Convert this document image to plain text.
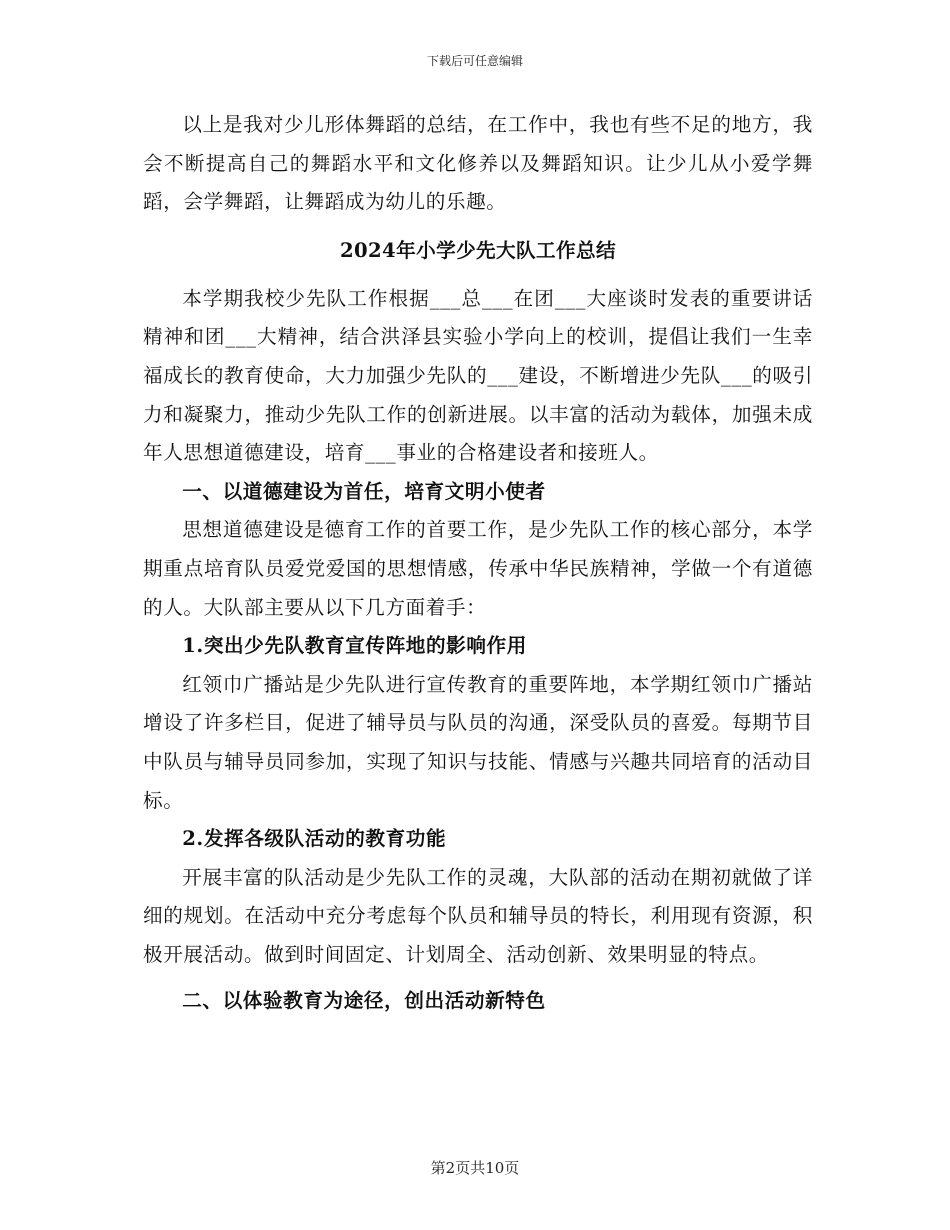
下载后可任意编辑

以上是我对少儿形体舞蹈的总结，在工作中，我也有些不足的地方，我会不断提高自己的舞蹈水平和文化修养以及舞蹈知识。让少儿从小爱学舞蹈，会学舞蹈，让舞蹈成为幼儿的乐趣。

2024年小学少先大队工作总结

本学期我校少先队工作根据___总___在团___大座谈时发表的重要讲话精神和团___大精神，结合洪泽县实验小学向上的校训，提倡让我们一生幸福成长的教育使命，大力加强少先队的___建设，不断增进少先队___的吸引力和凝聚力，推动少先队工作的创新进展。以丰富的活动为载体，加强未成年人思想道德建设，培育___事业的合格建设者和接班人。

一、以道德建设为首任，培育文明小使者

思想道德建设是德育工作的首要工作，是少先队工作的核心部分，本学期重点培育队员爱党爱国的思想情感，传承中华民族精神，学做一个有道德的人。大队部主要从以下几方面着手：

1.突出少先队教育宣传阵地的影响作用

红领巾广播站是少先队进行宣传教育的重要阵地，本学期红领巾广播站增设了许多栏目，促进了辅导员与队员的沟通，深受队员的喜爱。每期节目中队员与辅导员同参加，实现了知识与技能、情感与兴趣共同培育的活动目标。

2.发挥各级队活动的教育功能

开展丰富的队活动是少先队工作的灵魂，大队部的活动在期初就做了详细的规划。在活动中充分考虑每个队员和辅导员的特长，利用现有资源，积极开展活动。做到时间固定、计划周全、活动创新、效果明显的特点。

二、以体验教育为途径，创出活动新特色

第2页共10页
